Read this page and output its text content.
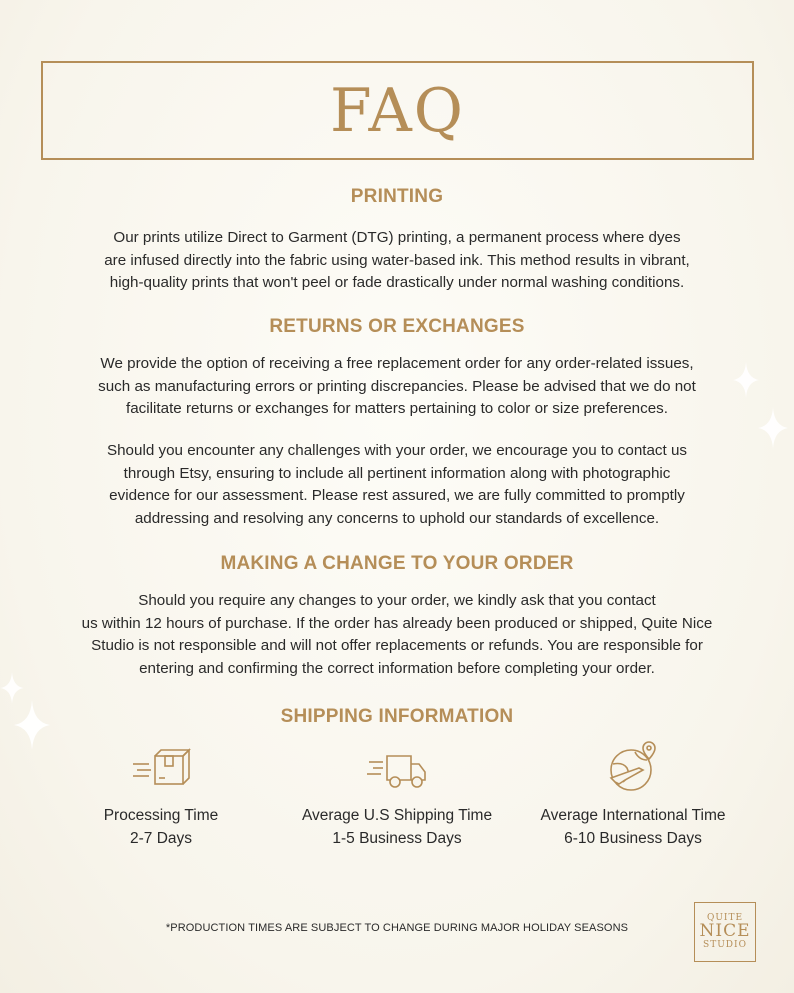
FAQ
PRINTING
Our prints utilize Direct to Garment (DTG) printing, a permanent process where dyes
are infused directly into the fabric using water-based ink. This method results in vibrant,
high-quality prints that won't peel or fade drastically under normal washing conditions.
RETURNS OR EXCHANGES
We provide the option of receiving a free replacement order for any order-related issues,
such as manufacturing errors or printing discrepancies. Please be advised that we do not
facilitate returns or exchanges for matters pertaining to color or size preferences.
Should you encounter any challenges with your order, we encourage you to contact us
through Etsy, ensuring to include all pertinent information along with photographic
evidence for our assessment. Please rest assured, we are fully committed to promptly
addressing and resolving any concerns to uphold our standards of excellence.
MAKING A CHANGE TO YOUR ORDER
Should you require any changes to your order, we kindly ask that you contact
us within 12 hours of purchase. If the order has already been produced or shipped, Quite Nice
Studio is not responsible and will not offer replacements or refunds. You are responsible for
entering and confirming the correct information before completing your order.
SHIPPING INFORMATION
Processing Time
2-7 Days
Average U.S Shipping Time
1-5 Business Days
Average International Time
6-10 Business Days
*PRODUCTION TIMES ARE SUBJECT TO CHANGE DURING MAJOR HOLIDAY SEASONS
QUITE
NICE
STUDIO
